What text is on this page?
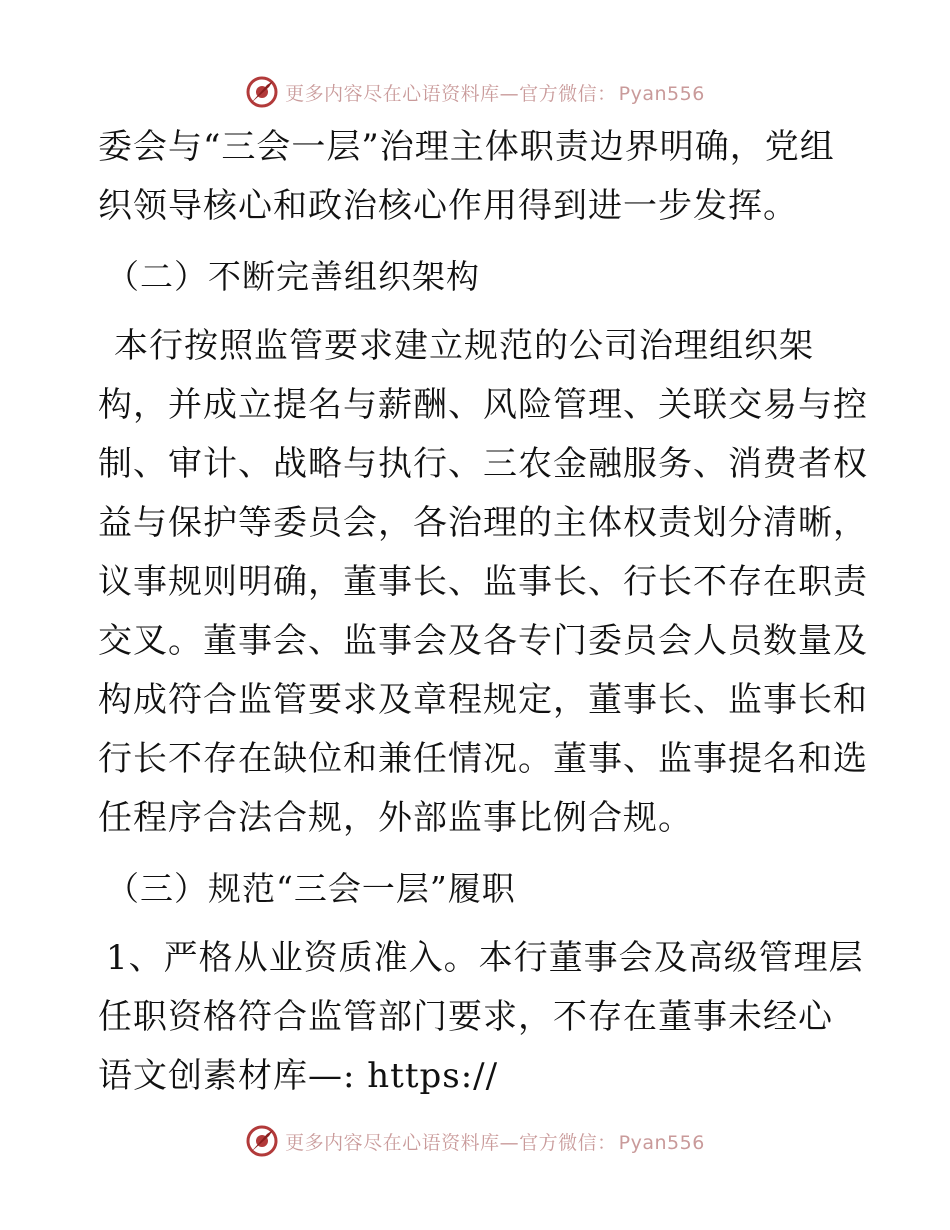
更多内容尽在心语资料库—官方微信： Pyan556
委会与“三会一层”治理主体职责边界明确，党组
织领导核心和政治核心作用得到进一步发挥。
（二）不断完善组织架构
本行按照监管要求建立规范的公司治理组织架
构，并成立提名与薪酬、风险管理、关联交易与控
制、审计、战略与执行、三农金融服务、消费者权
益与保护等委员会，各治理的主体权责划分清晰，
议事规则明确，董事长、监事长、行长不存在职责
交叉。董事会、监事会及各专门委员会人员数量及
构成符合监管要求及章程规定，董事长、监事长和
行长不存在缺位和兼任情况。董事、监事提名和选
任程序合法合规，外部监事比例合规。
（三）规范“三会一层”履职
1、严格从业资质准入。本行董事会及高级管理层
任职资格符合监管部门要求，不存在董事未经心
语文创素材库—: https://
更多内容尽在心语资料库—官方微信： Pyan556
